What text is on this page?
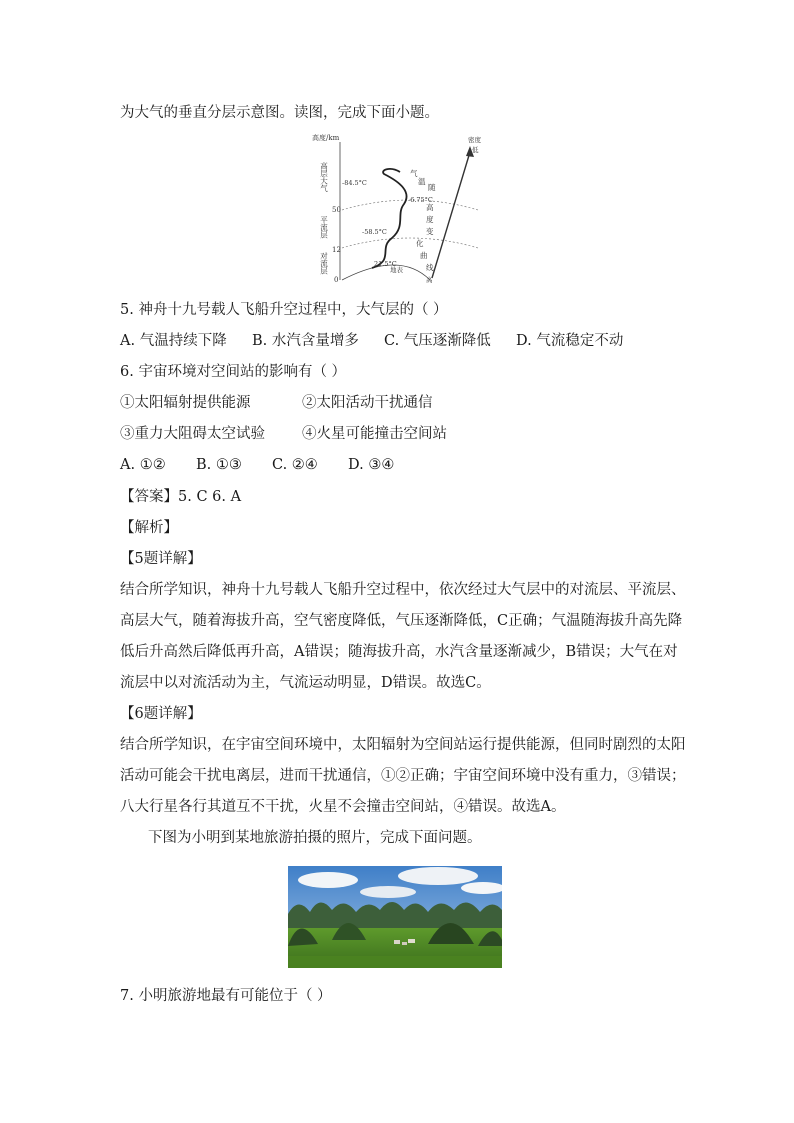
为大气的垂直分层示意图。读图，完成下面小题。
高度/km
高层大气
平流层
对流层
50
12
0
地表
-84.5°C
-6.75°C
-58.5°C
21.5°C
气
温
随
高
度
变
化
曲
线
密度
低
高
5. 神舟十九号载人飞船升空过程中，大气层的（ ）
A. 气温持续下降 B. 水汽含量增多 C. 气压逐渐降低 D. 气流稳定不动
6. 宇宙环境对空间站的影响有（ ）
①太阳辐射提供能源	②太阳活动干扰通信
③重力大阻碍太空试验	④火星可能撞击空间站
A. ①② B. ①③ C. ②④ D. ③④
【答案】5. C 6. A
【解析】
【5题详解】
结合所学知识，神舟十九号载人飞船升空过程中，依次经过大气层中的对流层、平流层、
高层大气，随着海拔升高，空气密度降低，气压逐渐降低，C正确；气温随海拔升高先降
低后升高然后降低再升高，A错误；随海拔升高，水汽含量逐渐减少，B错误；大气在对
流层中以对流活动为主，气流运动明显，D错误。故选C。
【6题详解】
结合所学知识，在宇宙空间环境中，太阳辐射为空间站运行提供能源，但同时剧烈的太阳
活动可能会干扰电离层，进而干扰通信，①②正确；宇宙空间环境中没有重力，③错误；
八大行星各行其道互不干扰，火星不会撞击空间站，④错误。故选A。
下图为小明到某地旅游拍摄的照片，完成下面问题。
7. 小明旅游地最有可能位于（ ）
